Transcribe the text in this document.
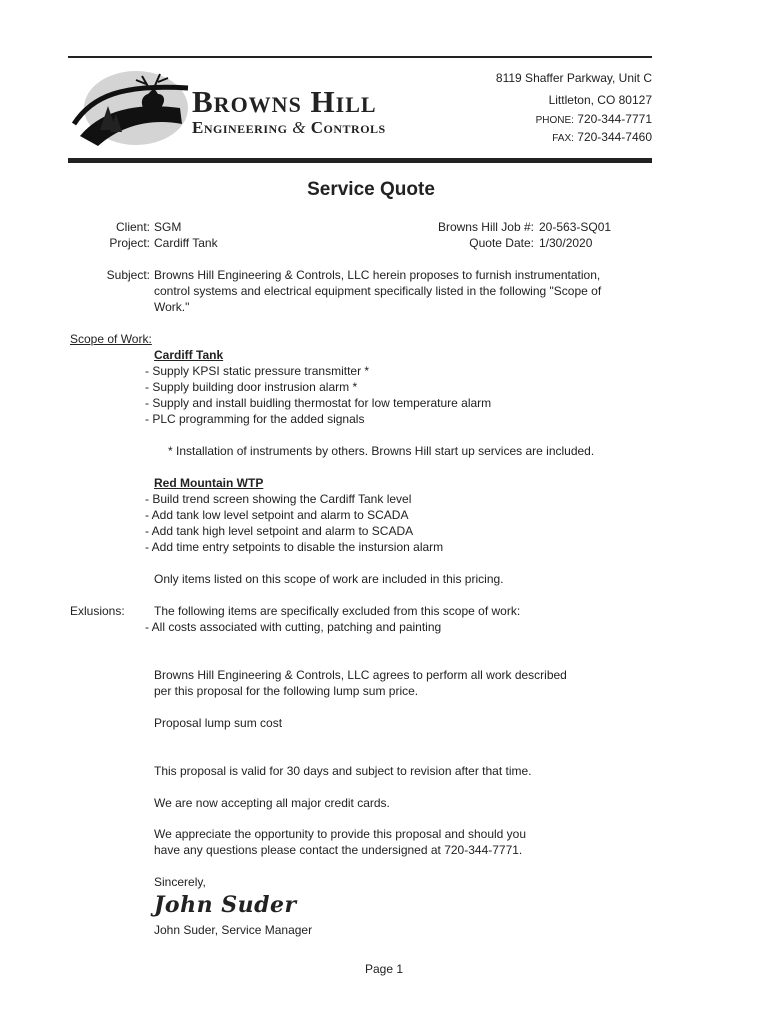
Browns Hill
Engineering & Controls
8119 Shaffer Parkway, Unit C
Littleton, CO 80127
PHONE: 720-344-7771
FAX: 720-344-7460
Service Quote
Client: SGM
Project: Cardiff Tank
Browns Hill Job #: 20-563-SQ01
Quote Date: 1/30/2020
Subject: Browns Hill Engineering & Controls, LLC herein proposes to furnish instrumentation,
control systems and electrical equipment specifically listed in the following "Scope of
Work."
Scope of Work:
Cardiff Tank
- Supply KPSI static pressure transmitter *
- Supply building door instrusion alarm *
- Supply and install buidling thermostat for low temperature alarm
- PLC programming for the added signals
* Installation of instruments by others. Browns Hill start up services are included.
Red Mountain WTP
- Build trend screen showing the Cardiff Tank level
- Add tank low level setpoint and alarm to SCADA
- Add tank high level setpoint and alarm to SCADA
- Add time entry setpoints to disable the instursion alarm
Only items listed on this scope of work are included in this pricing.
Exlusions: The following items are specifically excluded from this scope of work:
- All costs associated with cutting, patching and painting
Browns Hill Engineering & Controls, LLC agrees to perform all work described
per this proposal for the following lump sum price.
Proposal lump sum cost
This proposal is valid for 30 days and subject to revision after that time.
We are now accepting all major credit cards.
We appreciate the opportunity to provide this proposal and should you
have any questions please contact the undersigned at 720-344-7771.
Sincerely,
John Suder
John Suder, Service Manager
Page 1
